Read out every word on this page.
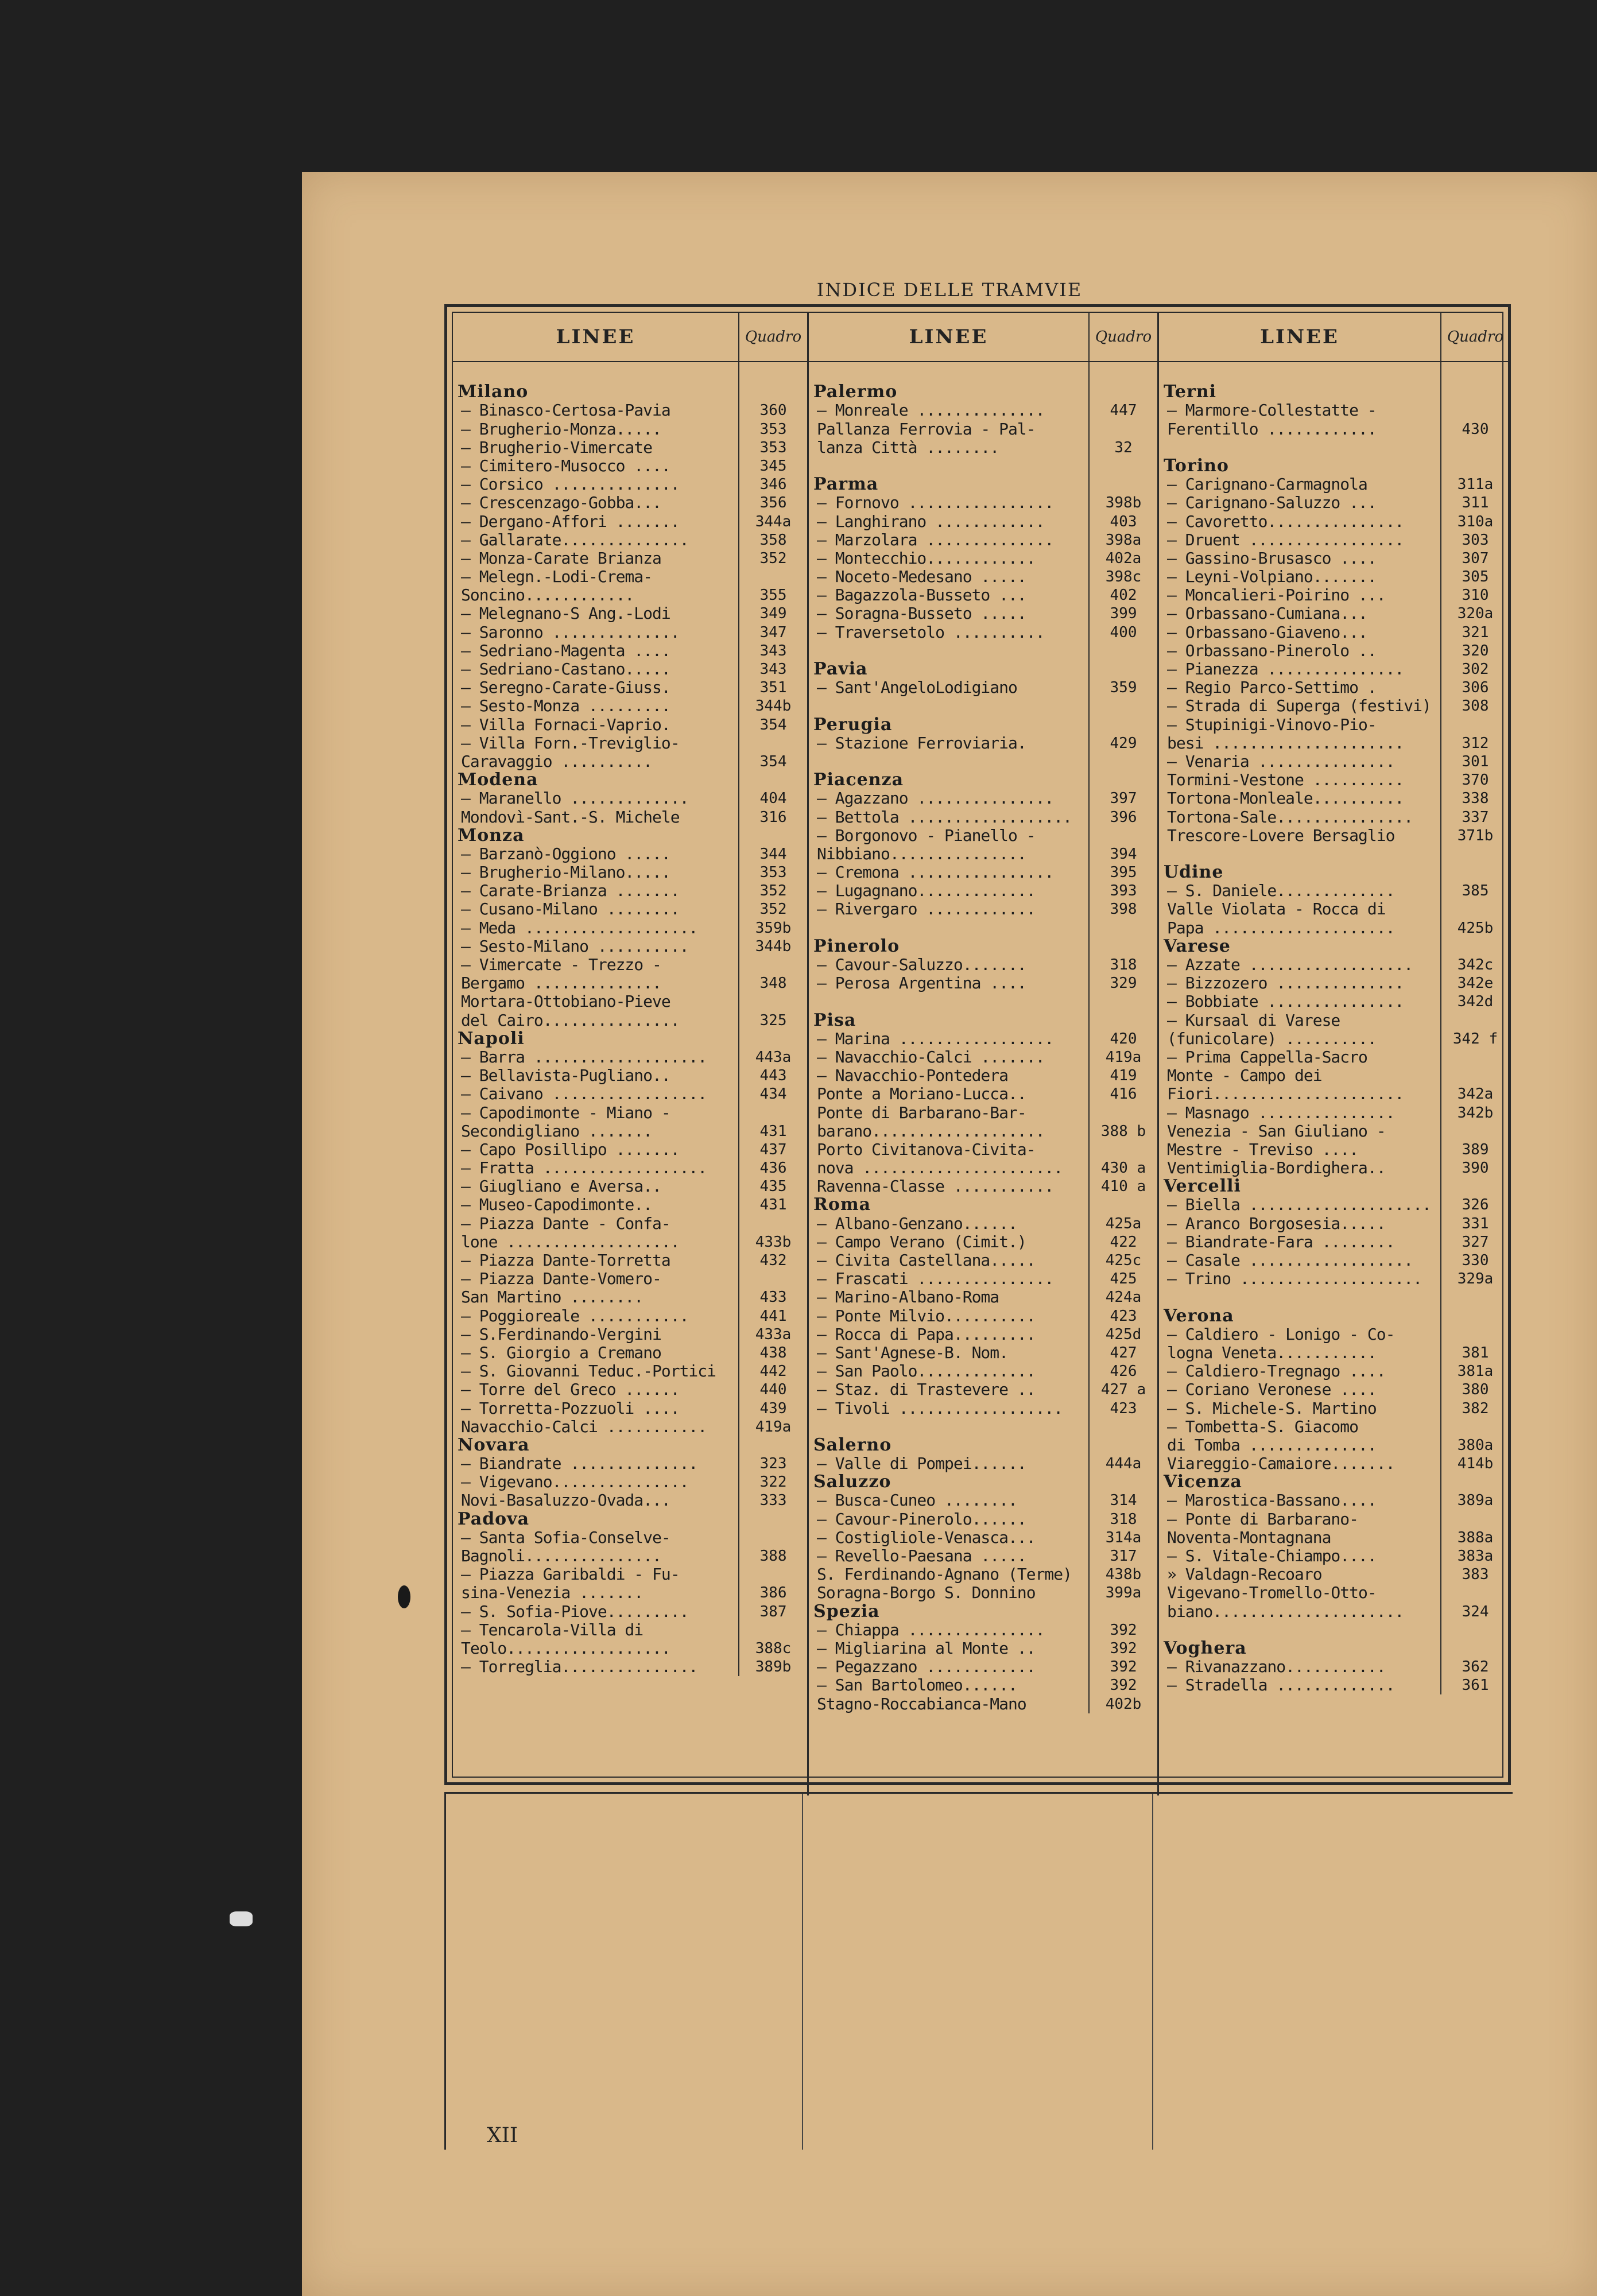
INDICE DELLE TRAMVIE
LINEE	Quadro
Milano
— Binasco-Certosa-Pavia	360
— Brugherio-Monza.....	353
— Brugherio-Vimercate	353
— Cimitero-Musocco ....	345
— Corsico ..............	346
— Crescenzago-Gobba...	356
— Dergano-Affori .......	344a
— Gallarate..............	358
— Monza-Carate Brianza	352
— Melegn.-Lodi-Crema-
Soncino............	355
— Melegnano-S Ang.-Lodi	349
— Saronno ..............	347
— Sedriano-Magenta ....	343
— Sedriano-Castano.....	343
— Seregno-Carate-Giuss.	351
— Sesto-Monza .........	344b
— Villa Fornaci-Vaprio.	354
— Villa Forn.-Treviglio-
Caravaggio ..........	354
Modena
— Maranello .............	404
Mondovì-Sant.-S. Michele	316
Monza
— Barzanò-Oggiono .....	344
— Brugherio-Milano.....	353
— Carate-Brianza .......	352
— Cusano-Milano ........	352
— Meda ...................	359b
— Sesto-Milano ..........	344b
— Vimercate - Trezzo -
Bergamo ..............	348
Mortara-Ottobiano-Pieve
del Cairo...............	325
Napoli
— Barra ...................	443a
— Bellavista-Pugliano..	443
— Caivano .................	434
— Capodimonte - Miano -
Secondigliano .......	431
— Capo Posillipo .......	437
— Fratta ..................	436
— Giugliano e Aversa..	435
— Museo-Capodimonte..	431
— Piazza Dante - Confa-
lone ...................	433b
— Piazza Dante-Torretta	432
— Piazza Dante-Vomero-
San Martino ........	433
— Poggioreale ...........	441
— S.Ferdinando-Vergini	433a
— S. Giorgio a Cremano	438
— S. Giovanni Teduc.-Portici	442
— Torre del Greco ......	440
— Torretta-Pozzuoli ....	439
Navacchio-Calci ...........	419a
Novara
— Biandrate ..............	323
— Vigevano...............	322
Novi-Basaluzzo-Ovada...	333
Padova
— Santa Sofia-Conselve-
Bagnoli...............	388
— Piazza Garibaldi - Fu-
sina-Venezia .......	386
— S. Sofia-Piove.........	387
— Tencarola-Villa di
Teolo..................	388c
— Torreglia...............	389b
LINEE	Quadro
Palermo
— Monreale ..............	447
Pallanza Ferrovia - Pal-
lanza Città ........	32
Parma
— Fornovo ................	398b
— Langhirano ............	403
— Marzolara ..............	398a
— Montecchio............	402a
— Noceto-Medesano .....	398c
— Bagazzola-Busseto ...	402
— Soragna-Busseto .....	399
— Traversetolo ..........	400
Pavia
— Sant'AngeloLodigiano	359
Perugia
— Stazione Ferroviaria.	429
Piacenza
— Agazzano ...............	397
— Bettola ..................	396
— Borgonovo - Pianello -
Nibbiano...............	394
— Cremona ................	395
— Lugagnano.............	393
— Rivergaro ............	398
Pinerolo
— Cavour-Saluzzo.......	318
— Perosa Argentina ....	329
Pisa
— Marina .................	420
— Navacchio-Calci .......	419a
— Navacchio-Pontedera	419
Ponte a Moriano-Lucca..	416
Ponte di Barbarano-Bar-
barano...................	388 b
Porto Civitanova-Civita-
nova ......................	430 a
Ravenna-Classe ...........	410 a
Roma
— Albano-Genzano......	425a
— Campo Verano (Cimit.)	422
— Civita Castellana.....	425c
— Frascati ...............	425
— Marino-Albano-Roma	424a
— Ponte Milvio..........	423
— Rocca di Papa.........	425d
— Sant'Agnese-B. Nom.	427
— San Paolo.............	426
— Staz. di Trastevere ..	427 a
— Tivoli ..................	423
Salerno
— Valle di Pompei......	444a
Saluzzo
— Busca-Cuneo ........	314
— Cavour-Pinerolo......	318
— Costigliole-Venasca...	314a
— Revello-Paesana .....	317
S. Ferdinando-Agnano (Terme)	438b
Soragna-Borgo S. Donnino	399a
Spezia
— Chiappa ...............	392
— Migliarina al Monte ..	392
— Pegazzano ............	392
— San Bartolomeo......	392
Stagno-Roccabianca-Mano	402b
LINEE	Quadro
Terni
— Marmore-Collestatte -
Ferentillo ............	430
Torino
— Carignano-Carmagnola	311a
— Carignano-Saluzzo ...	311
— Cavoretto...............	310a
— Druent .................	303
— Gassino-Brusasco ....	307
— Leyni-Volpiano.......	305
— Moncalieri-Poirino ...	310
— Orbassano-Cumiana...	320a
— Orbassano-Giaveno...	321
— Orbassano-Pinerolo ..	320
— Pianezza ...............	302
— Regio Parco-Settimo .	306
— Strada di Superga (festivi)	308
— Stupinigi-Vinovo-Pio-
besi .....................	312
— Venaria ...............	301
Tormini-Vestone ..........	370
Tortona-Monleale..........	338
Tortona-Sale...............	337
Trescore-Lovere Bersaglio	371b
Udine
— S. Daniele.............	385
Valle Violata - Rocca di
Papa ....................	425b
Varese
— Azzate ..................	342c
— Bizzozero ..............	342e
— Bobbiate ...............	342d
— Kursaal di Varese
(funicolare) ..........	342 f
— Prima Cappella-Sacro
Monte - Campo dei
Fiori.....................	342a
— Masnago ...............	342b
Venezia - San Giuliano -
Mestre - Treviso ....	389
Ventimiglia-Bordighera..	390
Vercelli
— Biella ....................	326
— Aranco Borgosesia.....	331
— Biandrate-Fara ........	327
— Casale ..................	330
— Trino ....................	329a
Verona
— Caldiero - Lonigo - Co-
logna Veneta...........	381
— Caldiero-Tregnago ....	381a
— Coriano Veronese ....	380
— S. Michele-S. Martino	382
— Tombetta-S. Giacomo
di Tomba ..............	380a
Viareggio-Camaiore.......	414b
Vicenza
— Marostica-Bassano....	389a
— Ponte di Barbarano-
Noventa-Montagnana	388a
— S. Vitale-Chiampo....	383a
» Valdagn-Recoaro	383
Vigevano-Tromello-Otto-
biano.....................	324
Voghera
— Rivanazzano...........	362
— Stradella .............	361
XII
